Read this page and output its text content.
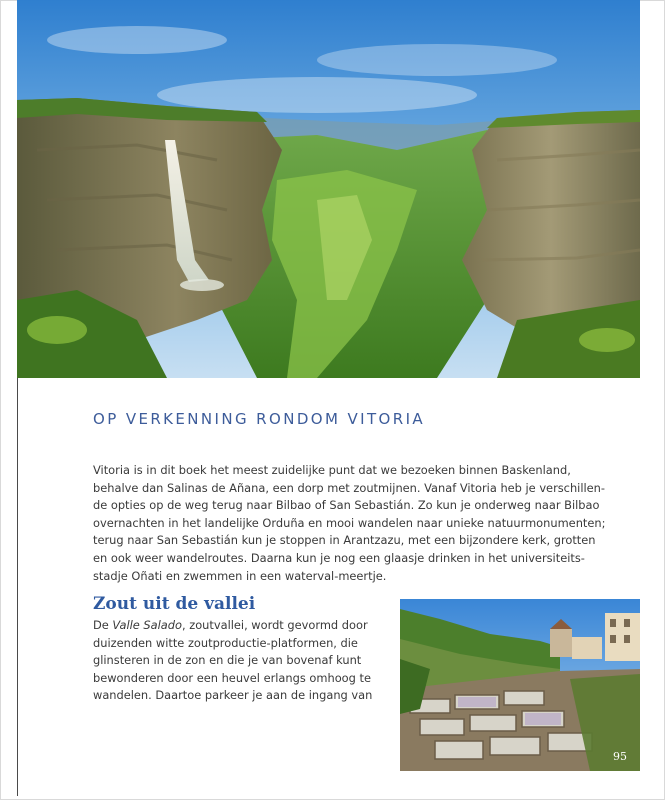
OP VERKENNING RONDOM VITORIA

Vitoria is in dit boek het meest zuidelijke punt dat we bezoeken binnen Baskenland,
behalve dan Salinas de Añana, een dorp met zoutmijnen. Vanaf Vitoria heb je verschillen-
de opties op de weg terug naar Bilbao of San Sebastián. Zo kun je onderweg naar Bilbao
overnachten in het landelijke Orduña en mooi wandelen naar unieke natuurmonumenten;
terug naar San Sebastián kun je stoppen in Arantzazu, met een bijzondere kerk, grotten
en ook weer wandelroutes. Daarna kun je nog een glaasje drinken in het universiteits-
stadje Oñati en zwemmen in een waterval-meertje.

Zout uit de vallei

De Valle Salado, zoutvallei, wordt gevormd door
duizenden witte zoutproductie-platformen, die
glinsteren in de zon en die je van bovenaf kunt
bewonderen door een heuvel erlangs omhoog te
wandelen. Daartoe parkeer je aan de ingang van

95
